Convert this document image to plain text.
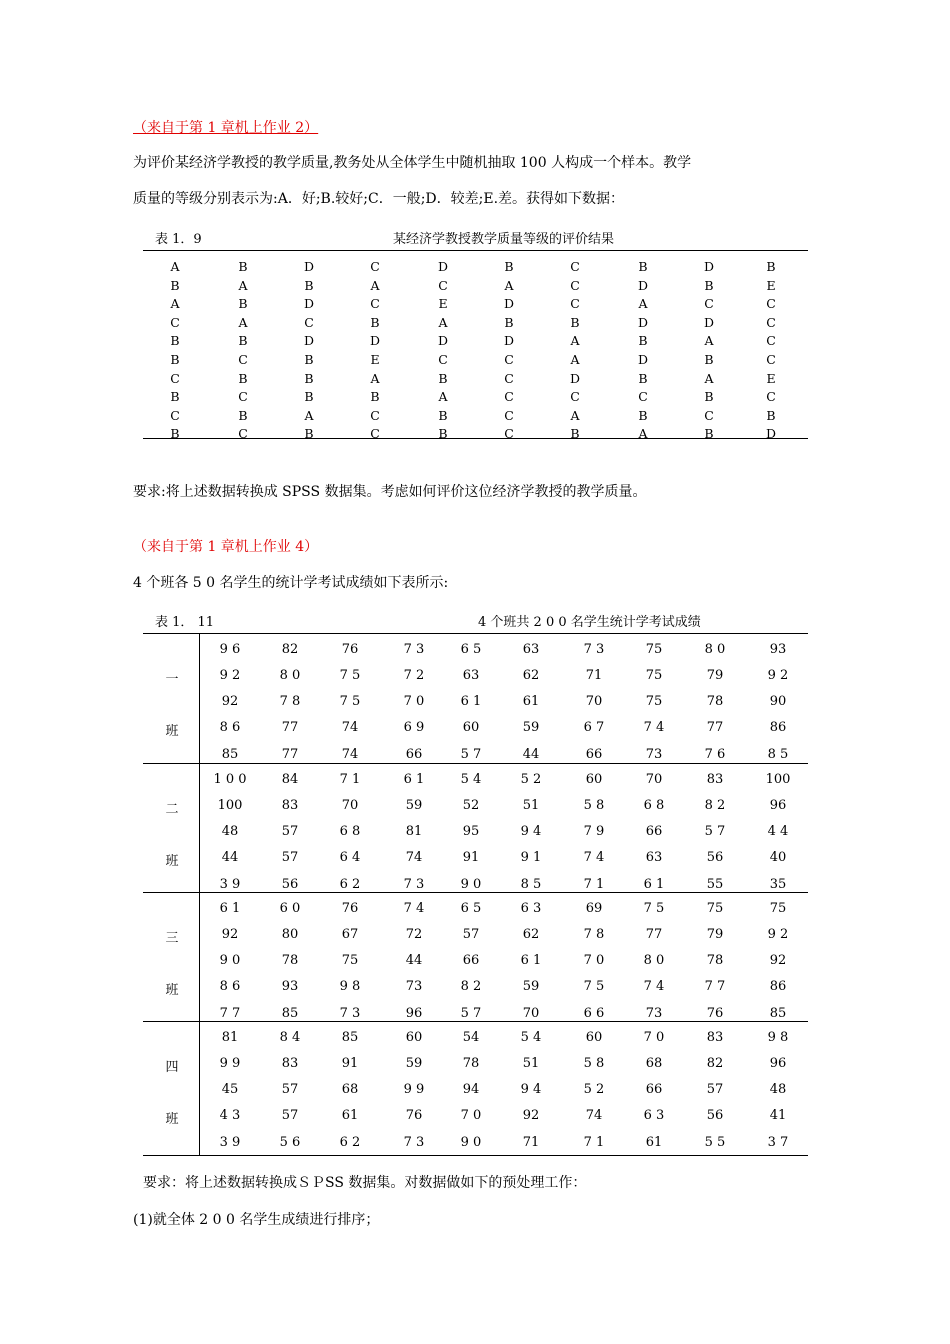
（来自于第 1 章机上作业 2）
为评价某经济学教授的教学质量,教务处从全体学生中随机抽取 100 人构成一个样本。教学
质量的等级分别表示为:A．好;B.较好;C．一般;D．较差;E.差。获得如下数据：
表 1．9	某经济学教授教学质量等级的评价结果
A	B	D	C	D	B	C	B	D	B
B	A	B	A	C	A	C	D	B	E
A	B	D	C	E	D	C	A	C	C
C	A	C	B	A	B	B	D	D	C
B	B	D	D	D	D	A	B	A	C
B	C	B	E	C	C	A	D	B	C
C	B	B	A	B	C	D	B	A	E
B	C	B	B	A	C	C	C	B	C
C	B	A	C	B	C	A	B	C	B
B	C	B	C	B	C	B	A	B	D
要求:将上述数据转换成 SPSS 数据集。考虑如何评价这位经济学教授的教学质量。
（来自于第 1 章机上作业 4）
4 个班各 5 0 名学生的统计学考试成绩如下表所示:
表 1． 11	4 个班共 2 0 0 名学生统计学考试成绩
一
班
9 6	82	76	7 3	6 5	63	7 3	75	8 0	93
9 2	8 0	7 5	7 2	63	62	71	75	79	9 2
92	7 8	7 5	7 0	6 1	61	70	75	78	90
8 6	77	74	6 9	60	59	6 7	7 4	77	86
85	77	74	66	5 7	44	66	73	7 6	8 5
二
班
1 0 0	84	7 1	6 1	5 4	5 2	60	70	83	100
100	83	70	59	52	51	5 8	6 8	8 2	96
48	57	6 8	81	95	9 4	7 9	66	5 7	4 4
44	57	6 4	74	91	9 1	7 4	63	56	40
3 9	56	6 2	7 3	9 0	8 5	7 1	6 1	55	35
三
班
6 1	6 0	76	7 4	6 5	6 3	69	7 5	75	75
92	80	67	72	57	62	7 8	77	79	9 2
9 0	78	75	44	66	6 1	7 0	8 0	78	92
8 6	93	9 8	73	8 2	59	7 5	7 4	7 7	86
7 7	85	7 3	96	5 7	70	6 6	73	76	85
四
班
81	8 4	85	60	54	5 4	60	7 0	83	9 8
9 9	83	91	59	78	51	5 8	68	82	96
45	57	68	9 9	94	9 4	5 2	66	57	48
4 3	57	61	76	7 0	92	74	6 3	56	41
3 9	5 6	6 2	7 3	9 0	71	7 1	61	5 5	3 7
要求：将上述数据转换成ＳＰSS 数据集。对数据做如下的预处理工作：
(1)就全体 2 0 0 名学生成绩进行排序；
